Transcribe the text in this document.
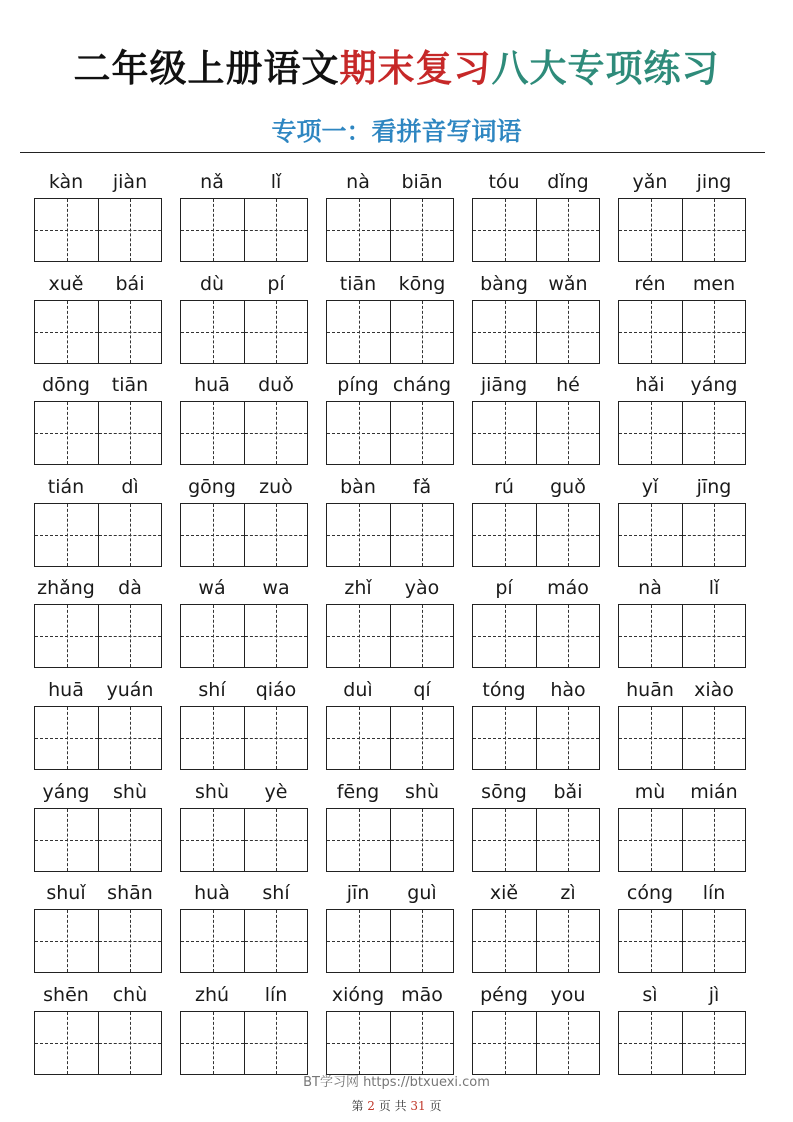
二年级上册语文期末复习八大专项练习
专项一：看拼音写词语
kàn	jiàn	nǎ	lǐ	nà	biān	tóu	dǐng	yǎn	jing
xuě	bái	dù	pí	tiān	kōng	bàng	wǎn	rén	men
dōng	tiān	huā	duǒ	píng cháng	jiāng	hé	hǎi	yáng
tián	dì	gōng	zuò	bàn	fǎ	rú	guǒ	yǐ	jīng
zhǎng	dà	wá	wa	zhǐ	yào	pí	máo	nà	lǐ
huā	yuán	shí	qiáo	duì	qí	tóng	hào	huān	xiào
yáng	shù	shù	yè	fēng	shù	sōng	bǎi	mù	mián
shuǐ	shān	huà	shí	jīn	guì	xiě	zì	cóng	lín
shēn	chù	zhú	lín	xióng māo	péng	you	sì	jì
BT学习网 https://btxuexi.com
第 2 页 共 31 页
